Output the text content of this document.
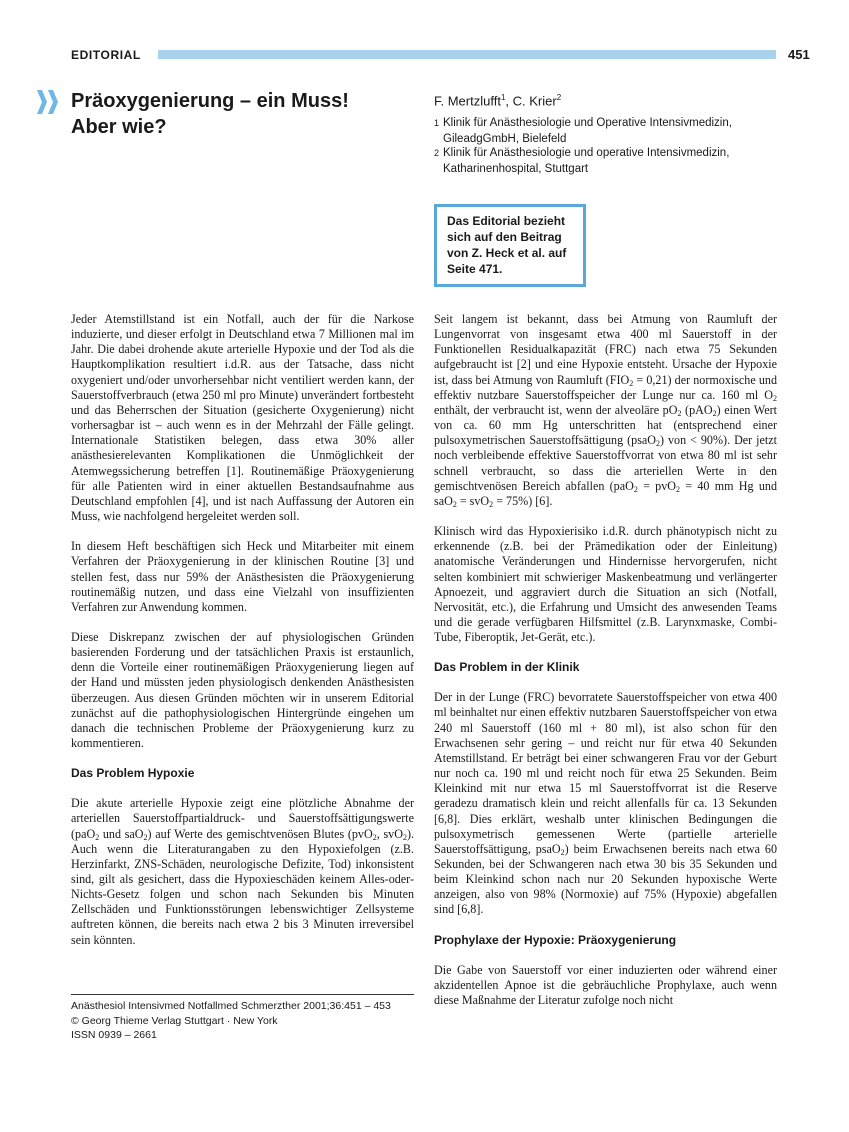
EDITORIAL	451
Präoxygenierung – ein Muss!
Aber wie?
F. Mertzlufft$^1$, C. Krier$^2$
1 Klinik für Anästhesiologie und Operative Intensivmedizin, GileadgGmbH, Bielefeld
2 Klinik für Anästhesiologie und operative Intensivmedizin, Katharinenhospital, Stuttgart
Das Editorial bezieht sich auf den Beitrag von Z. Heck et al. auf Seite 471.

Jeder Atemstillstand ist ein Notfall, auch der für die Narkose induzierte, und dieser erfolgt in Deutschland etwa 7 Millionen mal im Jahr. Die dabei drohende akute arterielle Hypoxie und der Tod als die Hauptkomplikation resultiert i.d.R. aus der Tatsache, dass nicht oxygeniert und/oder unvorhersehbar nicht ventiliert werden kann, der Sauerstoffverbrauch (etwa 250 ml pro Minute) unverändert fortbesteht und das Beherrschen der Situation (gesicherte Oxygenierung) nicht vorhersagbar ist – auch wenn es in der Mehrzahl der Fälle gelingt. Internationale Statistiken belegen, dass etwa 30% aller anästhesierelevanten Komplikationen die Unmöglichkeit der Atemwegssicherung betreffen [1]. Routinemäßige Präoxygenierung für alle Patienten wird in einer aktuellen Bestandsaufnahme aus Deutschland empfohlen [4], und ist nach Auffassung der Autoren ein Muss, wie nachfolgend hergeleitet werden soll.

In diesem Heft beschäftigen sich Heck und Mitarbeiter mit einem Verfahren der Präoxygenierung in der klinischen Routine [3] und stellen fest, dass nur 59% der Anästhesisten die Präoxygenierung routinemäßig nutzen, und dass eine Vielzahl von insuffizienten Verfahren zur Anwendung kommen.

Diese Diskrepanz zwischen der auf physiologischen Gründen basierenden Forderung und der tatsächlichen Praxis ist erstaunlich, denn die Vorteile einer routinemäßigen Präoxygenierung liegen auf der Hand und müssten jeden physiologisch denkenden Anästhesisten überzeugen. Aus diesen Gründen möchten wir in unserem Editorial zunächst auf die pathophysiologischen Hintergründe eingehen um danach die technischen Probleme der Präoxygenierung kurz zu kommentieren.

Das Problem Hypoxie

Die akute arterielle Hypoxie zeigt eine plötzliche Abnahme der arteriellen Sauerstoffpartialdruck- und Sauerstoffsättigungswerte (paO$_2$ und saO$_2$) auf Werte des gemischtvenösen Blutes (pvO$_2$, svO$_2$). Auch wenn die Literaturangaben zu den Hypoxiefolgen (z.B. Herzinfarkt, ZNS-Schäden, neurologische Defizite, Tod) inkonsistent sind, gilt als gesichert, dass die Hypoxieschäden keinem Alles-oder-Nichts-Gesetz folgen und schon nach Sekunden bis Minuten Zellschäden und Funktionsstörungen lebenswichtiger Zellsysteme auftreten können, die bereits nach etwa 2 bis 3 Minuten irreversibel sein könnten.

Seit langem ist bekannt, dass bei Atmung von Raumluft der Lungenvorrat von insgesamt etwa 400 ml Sauerstoff in der Funktionellen Residualkapazität (FRC) nach etwa 75 Sekunden aufgebraucht ist [2] und eine Hypoxie entsteht. Ursache der Hypoxie ist, dass bei Atmung von Raumluft $(FIO_2 = 0,21)$ der normoxische und effektiv nutzbare Sauerstoffspeicher der Lunge nur ca. 160 ml $O_2$ enthält, der verbraucht ist, wenn der alveoläre $pO_2$ (pAO$_2$) einen Wert von ca. 60 mm Hg unterschritten hat (entsprechend einer pulsoxymetrischen Sauerstoffsättigung (psaO$_2$) von < 90%). Der jetzt noch verbleibende effektive Sauerstoffvorrat von etwa 80 ml ist sehr schnell verbraucht, so dass die arteriellen Werte in den gemischtvenösen Bereich abfallen (paO$_2$ = pvO$_2$ = 40 mm Hg und saO$_2$ = svO$_2$ = 75%) [6].

Klinisch wird das Hypoxierisiko i.d.R. durch phänotypisch nicht zu erkennende (z.B. bei der Prämedikation oder der Einleitung) anatomische Veränderungen und Hindernisse hervorgerufen, nicht selten kombiniert mit schwieriger Maskenbeatmung und verlängerter Apnoezeit, und aggraviert durch die Situation an sich (Notfall, Nervosität, etc.), die Erfahrung und Umsicht des anwesenden Teams und die gerade verfügbaren Hilfsmittel (z.B. Larynxmaske, Combi-Tube, Fiberoptik, Jet-Gerät, etc.).

Das Problem in der Klinik

Der in der Lunge (FRC) bevorratete Sauerstoffspeicher von etwa 400 ml beinhaltet nur einen effektiv nutzbaren Sauerstoffspeicher von etwa 240 ml Sauerstoff (160 ml + 80 ml), ist also schon für den Erwachsenen sehr gering – und reicht nur für etwa 40 Sekunden Atemstillstand. Er beträgt bei einer schwangeren Frau vor der Geburt nur noch ca. 190 ml und reicht noch für etwa 25 Sekunden. Beim Kleinkind mit nur etwa 15 ml Sauerstoffvorrat ist die Reserve geradezu dramatisch klein und reicht allenfalls für ca. 13 Sekunden [6,8]. Dies erklärt, weshalb unter klinischen Bedingungen die pulsoxymetrisch gemessenen Werte (partielle arterielle Sauerstoffsättigung, psaO$_2$) beim Erwachsenen bereits nach etwa 60 Sekunden, bei der Schwangeren nach etwa 30 bis 35 Sekunden und beim Kleinkind schon nach nur 20 Sekunden hypoxische Werte anzeigen, also von 98% (Normoxie) auf 75% (Hypoxie) abgefallen sind [6,8].

Prophylaxe der Hypoxie: Präoxygenierung

Die Gabe von Sauerstoff vor einer induzierten oder während einer akzidentellen Apnoe ist die gebräuchliche Prophylaxe, auch wenn diese Maßnahme der Literatur zufolge noch nicht

Anästhesiol Intensivmed Notfallmed Schmerzther 2001;36:451 – 453
© Georg Thieme Verlag Stuttgart · New York
ISSN 0939 – 2661
